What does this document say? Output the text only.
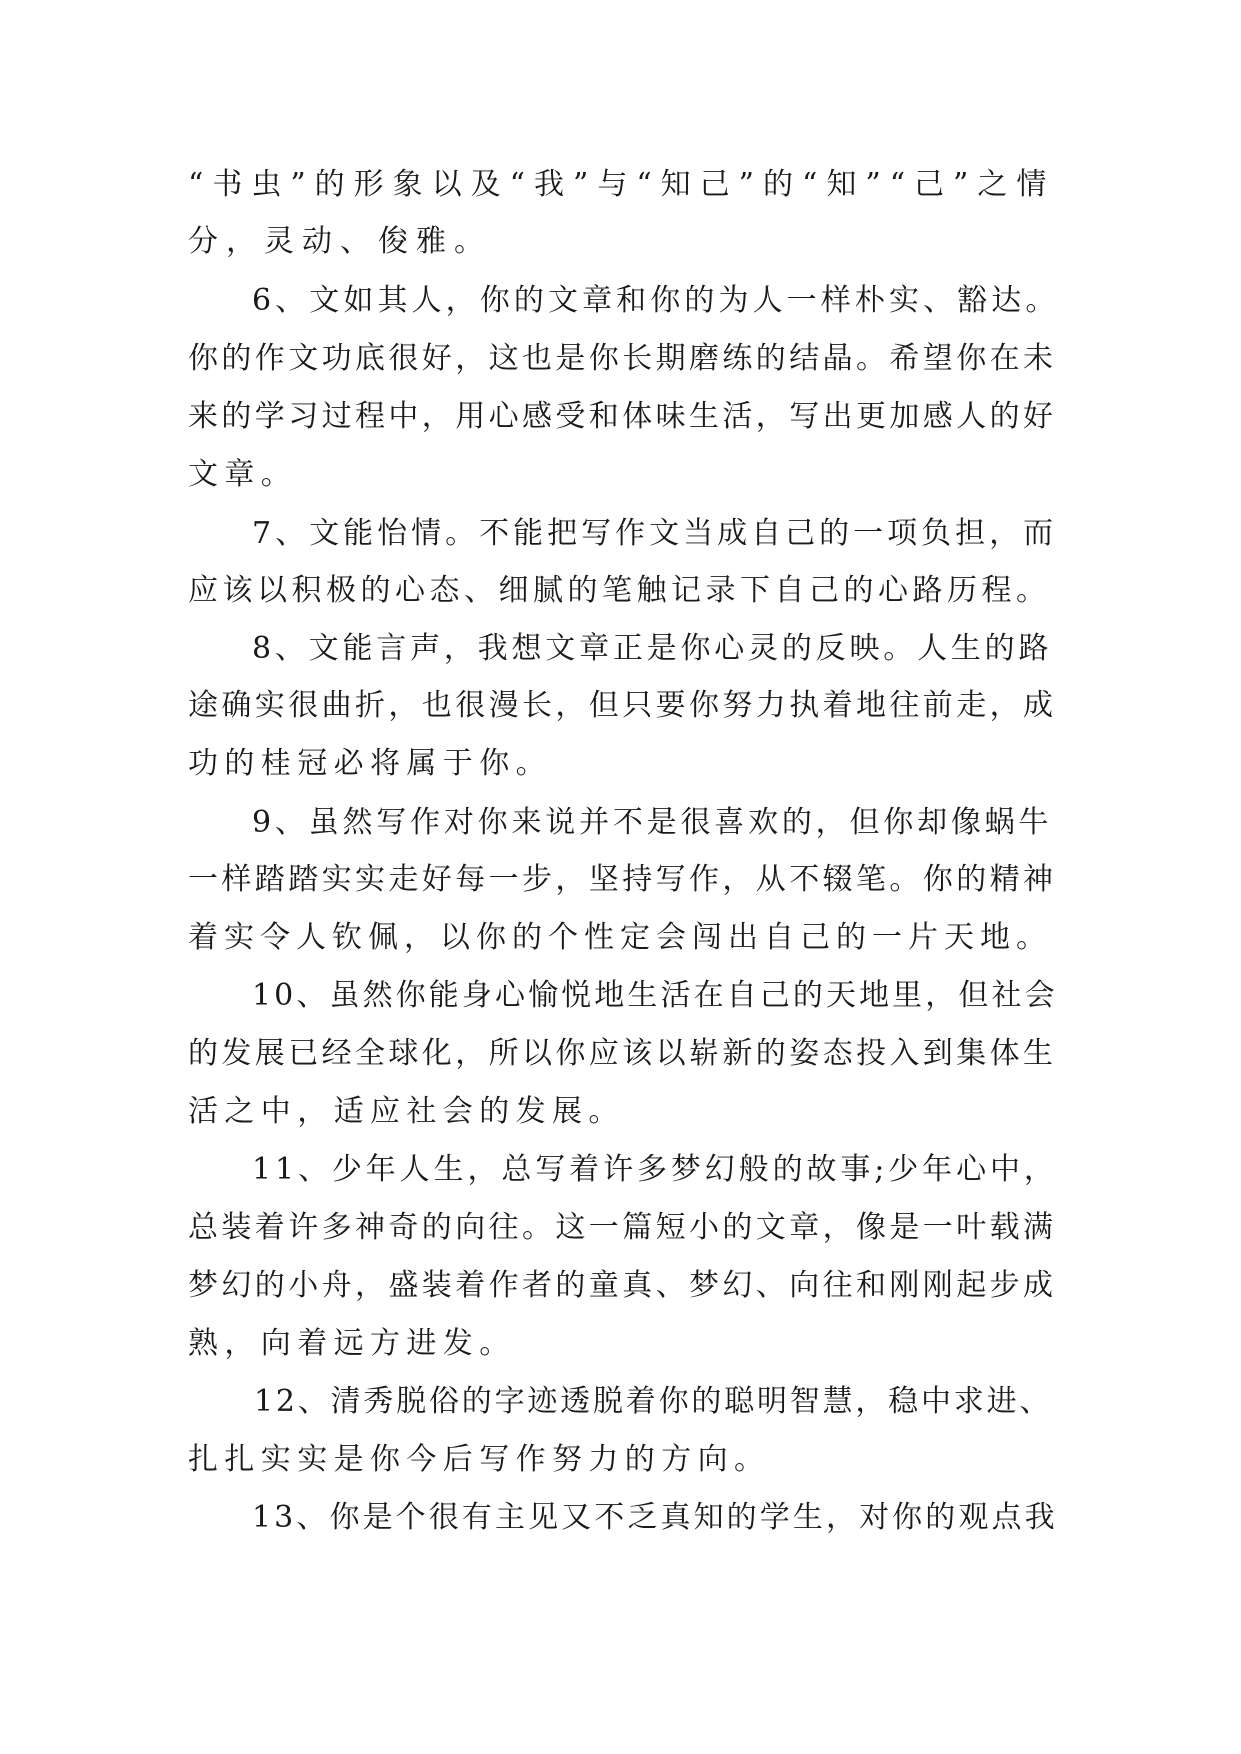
“书虫”的形象以及“我”与“知己”的“知”“己”之情

分，灵动、俊雅。

6、文如其人，你的文章和你的为人一样朴实、豁达。

你的作文功底很好，这也是你长期磨练的结晶。希望你在未

来的学习过程中，用心感受和体味生活，写出更加感人的好

文章。

7、文能怡情。不能把写作文当成自己的一项负担，而

应该以积极的心态、细腻的笔触记录下自己的心路历程。

8、文能言声，我想文章正是你心灵的反映。人生的路

途确实很曲折，也很漫长，但只要你努力执着地往前走，成

功的桂冠必将属于你。

9、虽然写作对你来说并不是很喜欢的，但你却像蜗牛

一样踏踏实实走好每一步，坚持写作，从不辍笔。你的精神

着实令人钦佩，以你的个性定会闯出自己的一片天地。

10、虽然你能身心愉悦地生活在自己的天地里，但社会

的发展已经全球化，所以你应该以崭新的姿态投入到集体生

活之中，适应社会的发展。

11、少年人生，总写着许多梦幻般的故事;少年心中，

总装着许多神奇的向往。这一篇短小的文章，像是一叶载满

梦幻的小舟，盛装着作者的童真、梦幻、向往和刚刚起步成

熟，向着远方进发。

12、清秀脱俗的字迹透脱着你的聪明智慧，稳中求进、

扎扎实实是你今后写作努力的方向。

13、你是个很有主见又不乏真知的学生，对你的观点我
